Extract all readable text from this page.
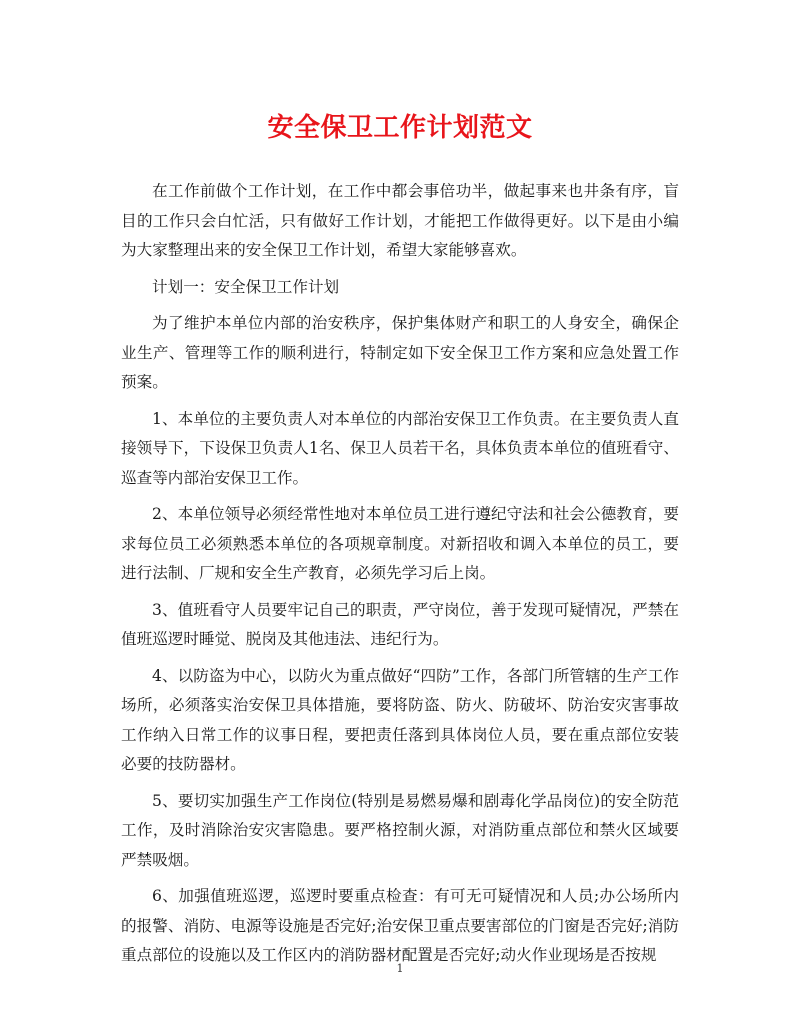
安全保卫工作计划范文

在工作前做个工作计划，在工作中都会事倍功半，做起事来也井条有序，盲目的工作只会白忙活，只有做好工作计划，才能把工作做得更好。以下是由小编为大家整理出来的安全保卫工作计划，希望大家能够喜欢。

计划一：安全保卫工作计划

为了维护本单位内部的治安秩序，保护集体财产和职工的人身安全，确保企业生产、管理等工作的顺利进行，特制定如下安全保卫工作方案和应急处置工作预案。

1、本单位的主要负责人对本单位的内部治安保卫工作负责。在主要负责人直接领导下，下设保卫负责人1名、保卫人员若干名，具体负责本单位的值班看守、巡查等内部治安保卫工作。

2、本单位领导必须经常性地对本单位员工进行遵纪守法和社会公德教育，要求每位员工必须熟悉本单位的各项规章制度。对新招收和调入本单位的员工，要进行法制、厂规和安全生产教育，必须先学习后上岗。

3、值班看守人员要牢记自己的职责，严守岗位，善于发现可疑情况，严禁在值班巡逻时睡觉、脱岗及其他违法、违纪行为。

4、以防盗为中心，以防火为重点做好“四防”工作，各部门所管辖的生产工作场所，必须落实治安保卫具体措施，要将防盗、防火、防破坏、防治安灾害事故工作纳入日常工作的议事日程，要把责任落到具体岗位人员，要在重点部位安装必要的技防器材。

5、要切实加强生产工作岗位(特别是易燃易爆和剧毒化学品岗位)的安全防范工作，及时消除治安灾害隐患。要严格控制火源，对消防重点部位和禁火区域要严禁吸烟。

6、加强值班巡逻，巡逻时要重点检查：有可无可疑情况和人员;办公场所内的报警、消防、电源等设施是否完好;治安保卫重点要害部位的门窗是否完好;消防重点部位的设施以及工作区内的消防器材配置是否完好;动火作业现场是否按规

1
